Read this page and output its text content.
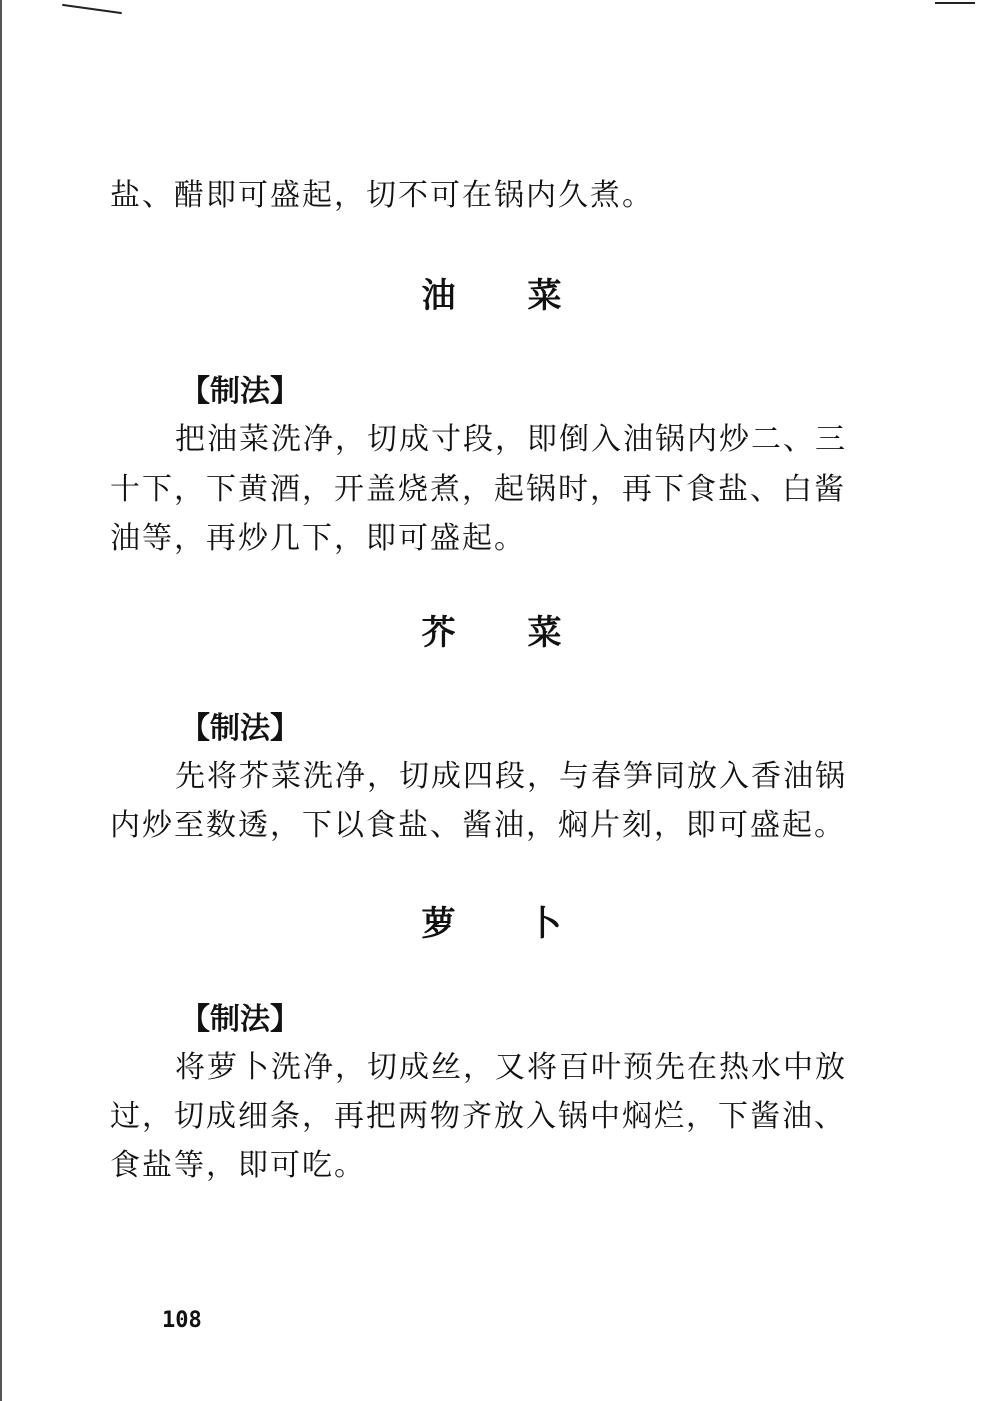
盐、醋即可盛起，切不可在锅内久煮。
油 菜
【制法】
把油菜洗净，切成寸段，即倒入油锅内炒二、三
十下，下黄酒，开盖烧煮，起锅时，再下食盐、白酱
油等，再炒几下，即可盛起。
芥 菜
【制法】
先将芥菜洗净，切成四段，与春笋同放入香油锅
内炒至数透，下以食盐、酱油，焖片刻，即可盛起。
萝 卜
【制法】
将萝卜洗净，切成丝，又将百叶预先在热水中放
过，切成细条，再把两物齐放入锅中焖烂，下酱油、
食盐等，即可吃。
108
